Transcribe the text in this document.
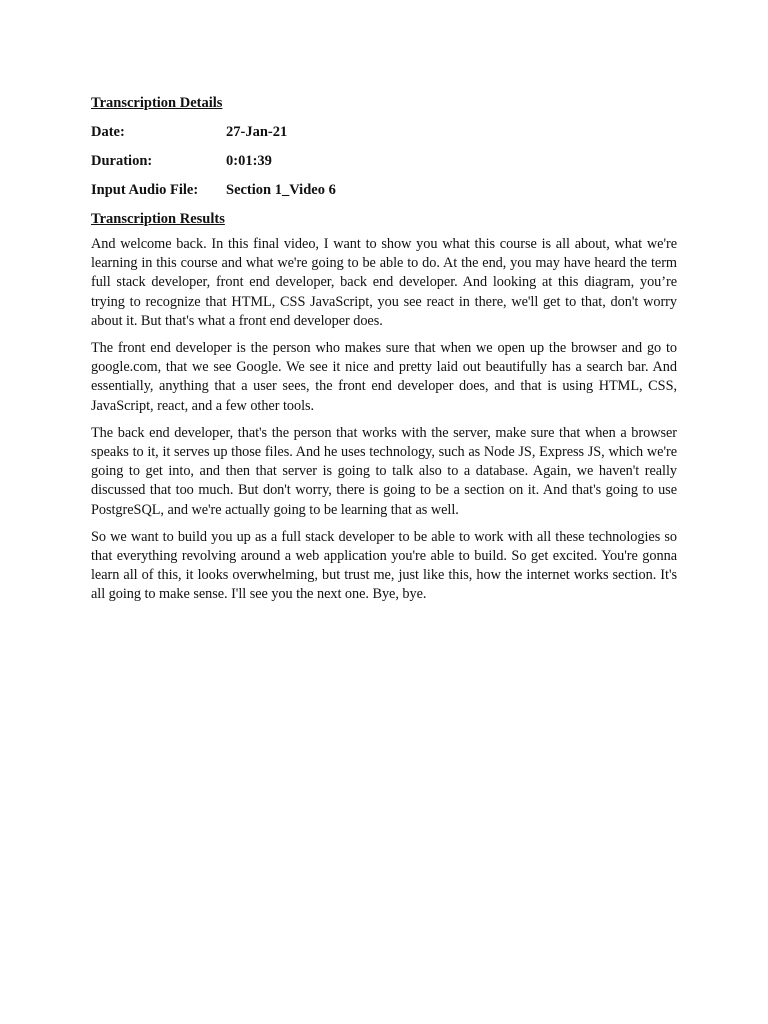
Transcription Details

Date:	27-Jan-21
Duration:	0:01:39
Input Audio File:	Section 1_Video 6

Transcription Results

And welcome back. In this final video, I want to show you what this course is all about, what we're learning in this course and what we're going to be able to do. At the end, you may have heard the term full stack developer, front end developer, back end developer. And looking at this diagram, you’re trying to recognize that HTML, CSS JavaScript, you see react in there, we'll get to that, don't worry about it. But that's what a front end developer does.

The front end developer is the person who makes sure that when we open up the browser and go to google.com, that we see Google. We see it nice and pretty laid out beautifully has a search bar. And essentially, anything that a user sees, the front end developer does, and that is using HTML, CSS, JavaScript, react, and a few other tools.

The back end developer, that's the person that works with the server, make sure that when a browser speaks to it, it serves up those files. And he uses technology, such as Node JS, Express JS, which we're going to get into, and then that server is going to talk also to a database. Again, we haven't really discussed that too much. But don't worry, there is going to be a section on it. And that's going to use PostgreSQL, and we're actually going to be learning that as well.

So we want to build you up as a full stack developer to be able to work with all these technologies so that everything revolving around a web application you're able to build. So get excited. You're gonna learn all of this, it looks overwhelming, but trust me, just like this, how the internet works section. It's all going to make sense. I'll see you the next one. Bye, bye.
